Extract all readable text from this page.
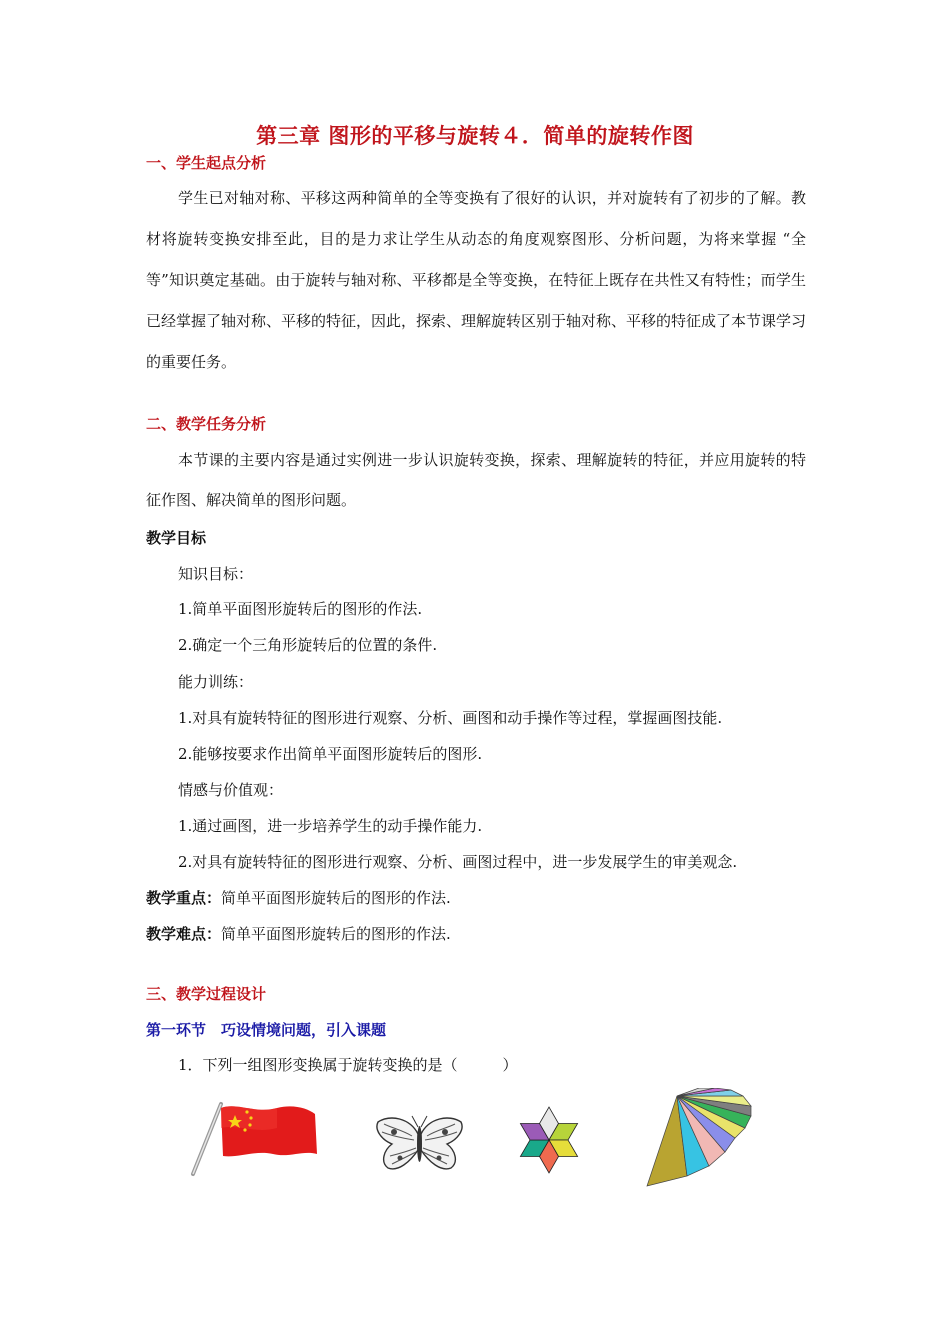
第三章 图形的平移与旋转４．简单的旋转作图
一、学生起点分析
学生已对轴对称、平移这两种简单的全等变换有了很好的认识，并对旋转有了初步的了解。教材将旋转变换安排至此，目的是力求让学生从动态的角度观察图形、分析问题，为将来掌握 “全等”知识奠定基础。由于旋转与轴对称、平移都是全等变换，在特征上既存在共性又有特性；而学生已经掌握了轴对称、平移的特征，因此，探索、理解旋转区别于轴对称、平移的特征成了本节课学习的重要任务。
二、教学任务分析
本节课的主要内容是通过实例进一步认识旋转变换，探索、理解旋转的特征，并应用旋转的特征作图、解决简单的图形问题。
教学目标
知识目标：
1.简单平面图形旋转后的图形的作法.
2.确定一个三角形旋转后的位置的条件.
能力训练：
1.对具有旋转特征的图形进行观察、分析、画图和动手操作等过程，掌握画图技能.
2.能够按要求作出简单平面图形旋转后的图形.
情感与价值观：
1.通过画图，进一步培养学生的动手操作能力.
2.对具有旋转特征的图形进行观察、分析、画图过程中，进一步发展学生的审美观念.
教学重点：简单平面图形旋转后的图形的作法.
教学难点：简单平面图形旋转后的图形的作法.
三、教学过程设计
第一环节　巧设情境问题，引入课题
1．下列一组图形变换属于旋转变换的是（　　　）
